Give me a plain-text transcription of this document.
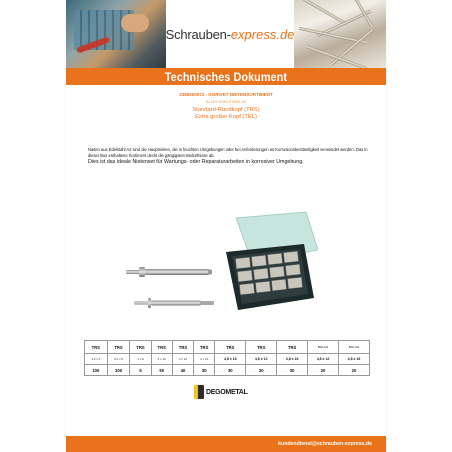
Schrauben- express.de
Technisches Dokument
2385000072 - GORIVET NIETENSORTIMENT
ALLES EDELSTAHL A2
Standard-Rundkopf (TRS)
Extra großer Kopf (TEL)
Nieten aus Edelstahl A2 sind die Hauptnieten, die in feuchten Umgebungen oder bei Anforderungen an Korrosionsbeständigkeit verwendet werden. Das in dieser Box enthaltene Sortiment deckt die gängigsten Bedürfnisse ab.
Dies ist das ideale Nietenset für Wartungs- oder Reparaturarbeiten in korrosiver Umgebung.
TRS	TRS	TRS	TRS	TRS	TRS	TRS	TRS	TRS	BOLCH	BOLCH
3,2 x 6	3,2 x 8	4 x 8	4 x 10	4 x 12	4 x 16	4,8 x 10	4,8 x 12	4,8 x 16	4,8 x 12	4,8 x 16
100	100	5	50	40	30	30	30	30	20	20
DEGOMETAL
kundendienst@schrauben-express.de
